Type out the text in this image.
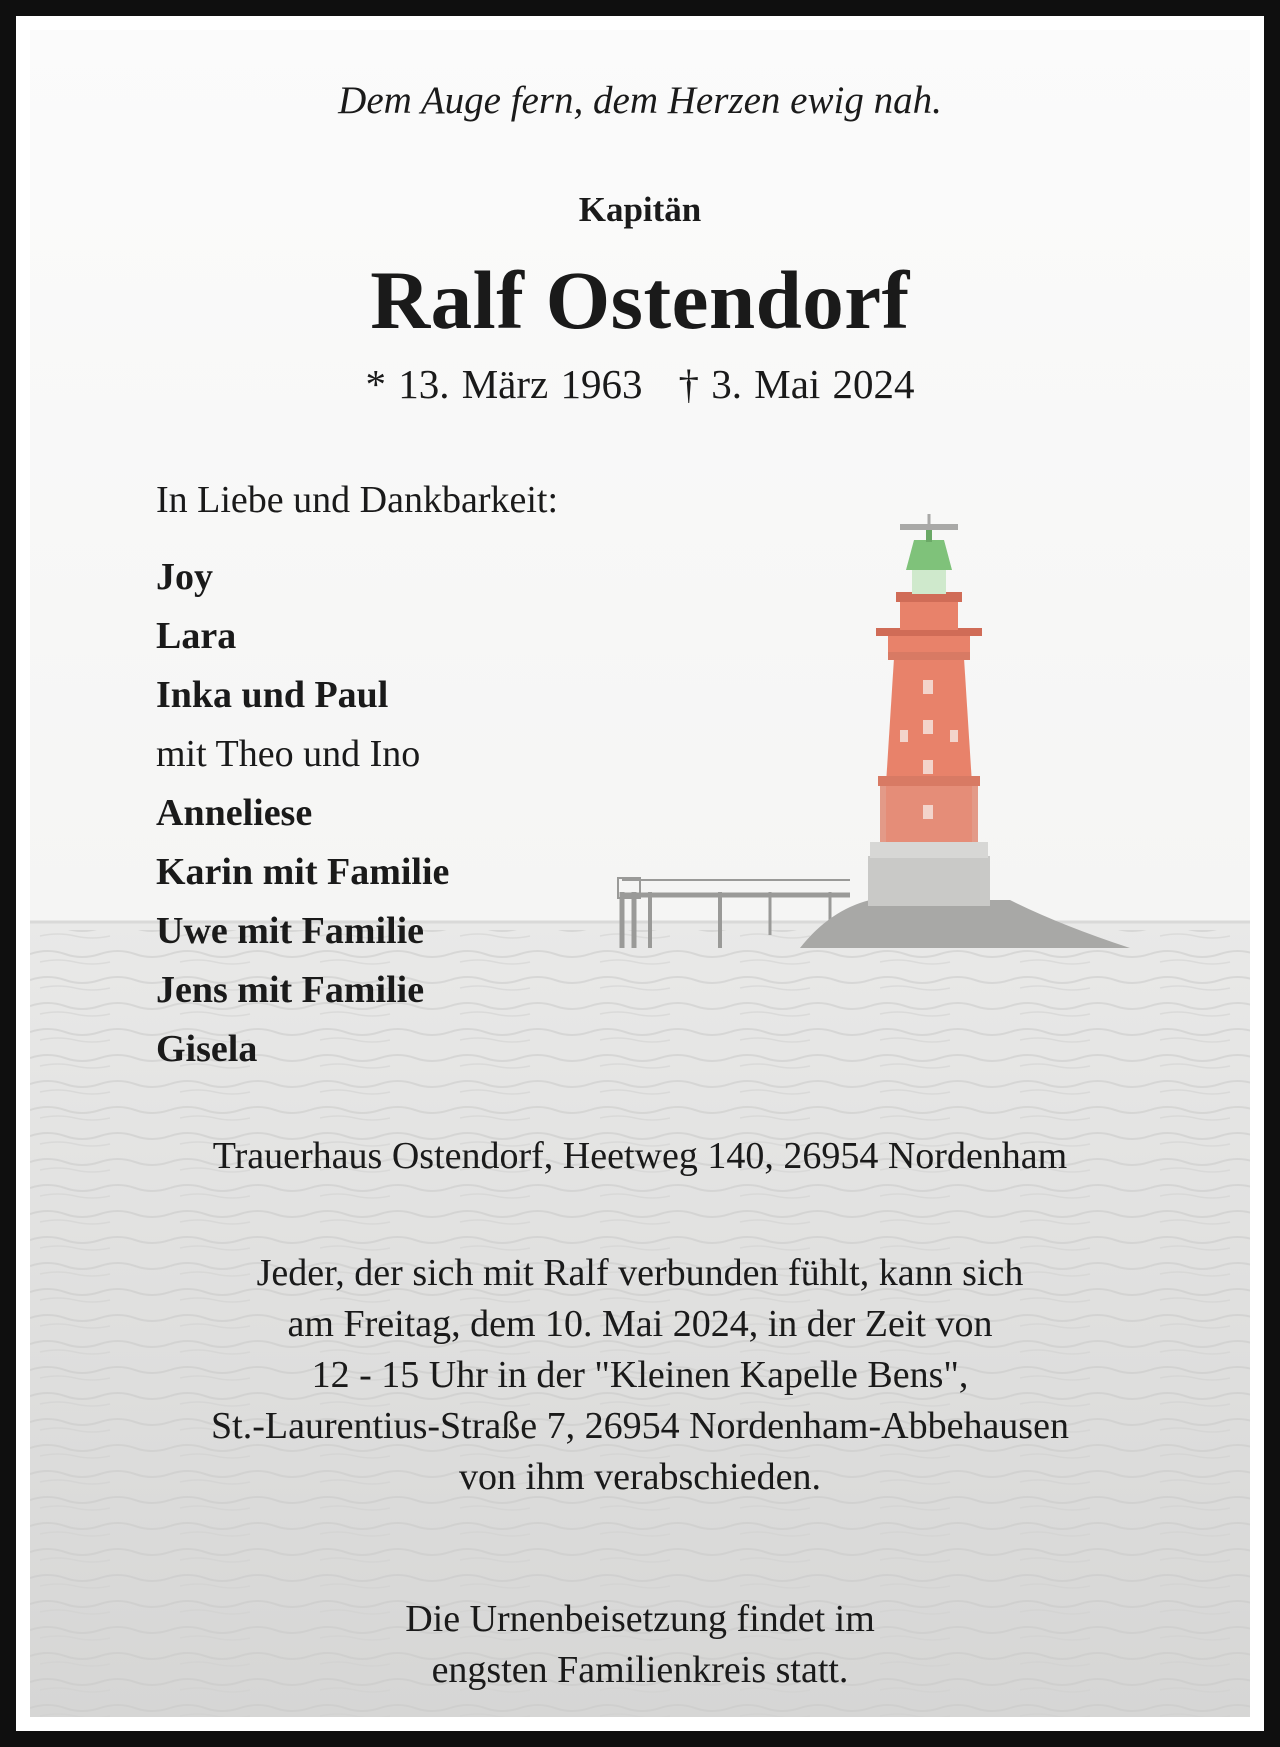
Dem Auge fern, dem Herzen ewig nah.
Kapitän
Ralf Ostendorf
* 13. März 1963 † 3. Mai 2024
In Liebe und Dankbarkeit:
Joy
Lara
Inka und Paul
mit Theo und Ino
Anneliese
Karin mit Familie
Uwe mit Familie
Jens mit Familie
Gisela
Trauerhaus Ostendorf, Heetweg 140, 26954 Nordenham
Jeder, der sich mit Ralf verbunden fühlt, kann sich
am Freitag, dem 10. Mai 2024, in der Zeit von
12 - 15 Uhr in der "Kleinen Kapelle Bens",
St.-Laurentius-Straße 7, 26954 Nordenham-Abbehausen
von ihm verabschieden.
Die Urnenbeisetzung findet im
engsten Familienkreis statt.
